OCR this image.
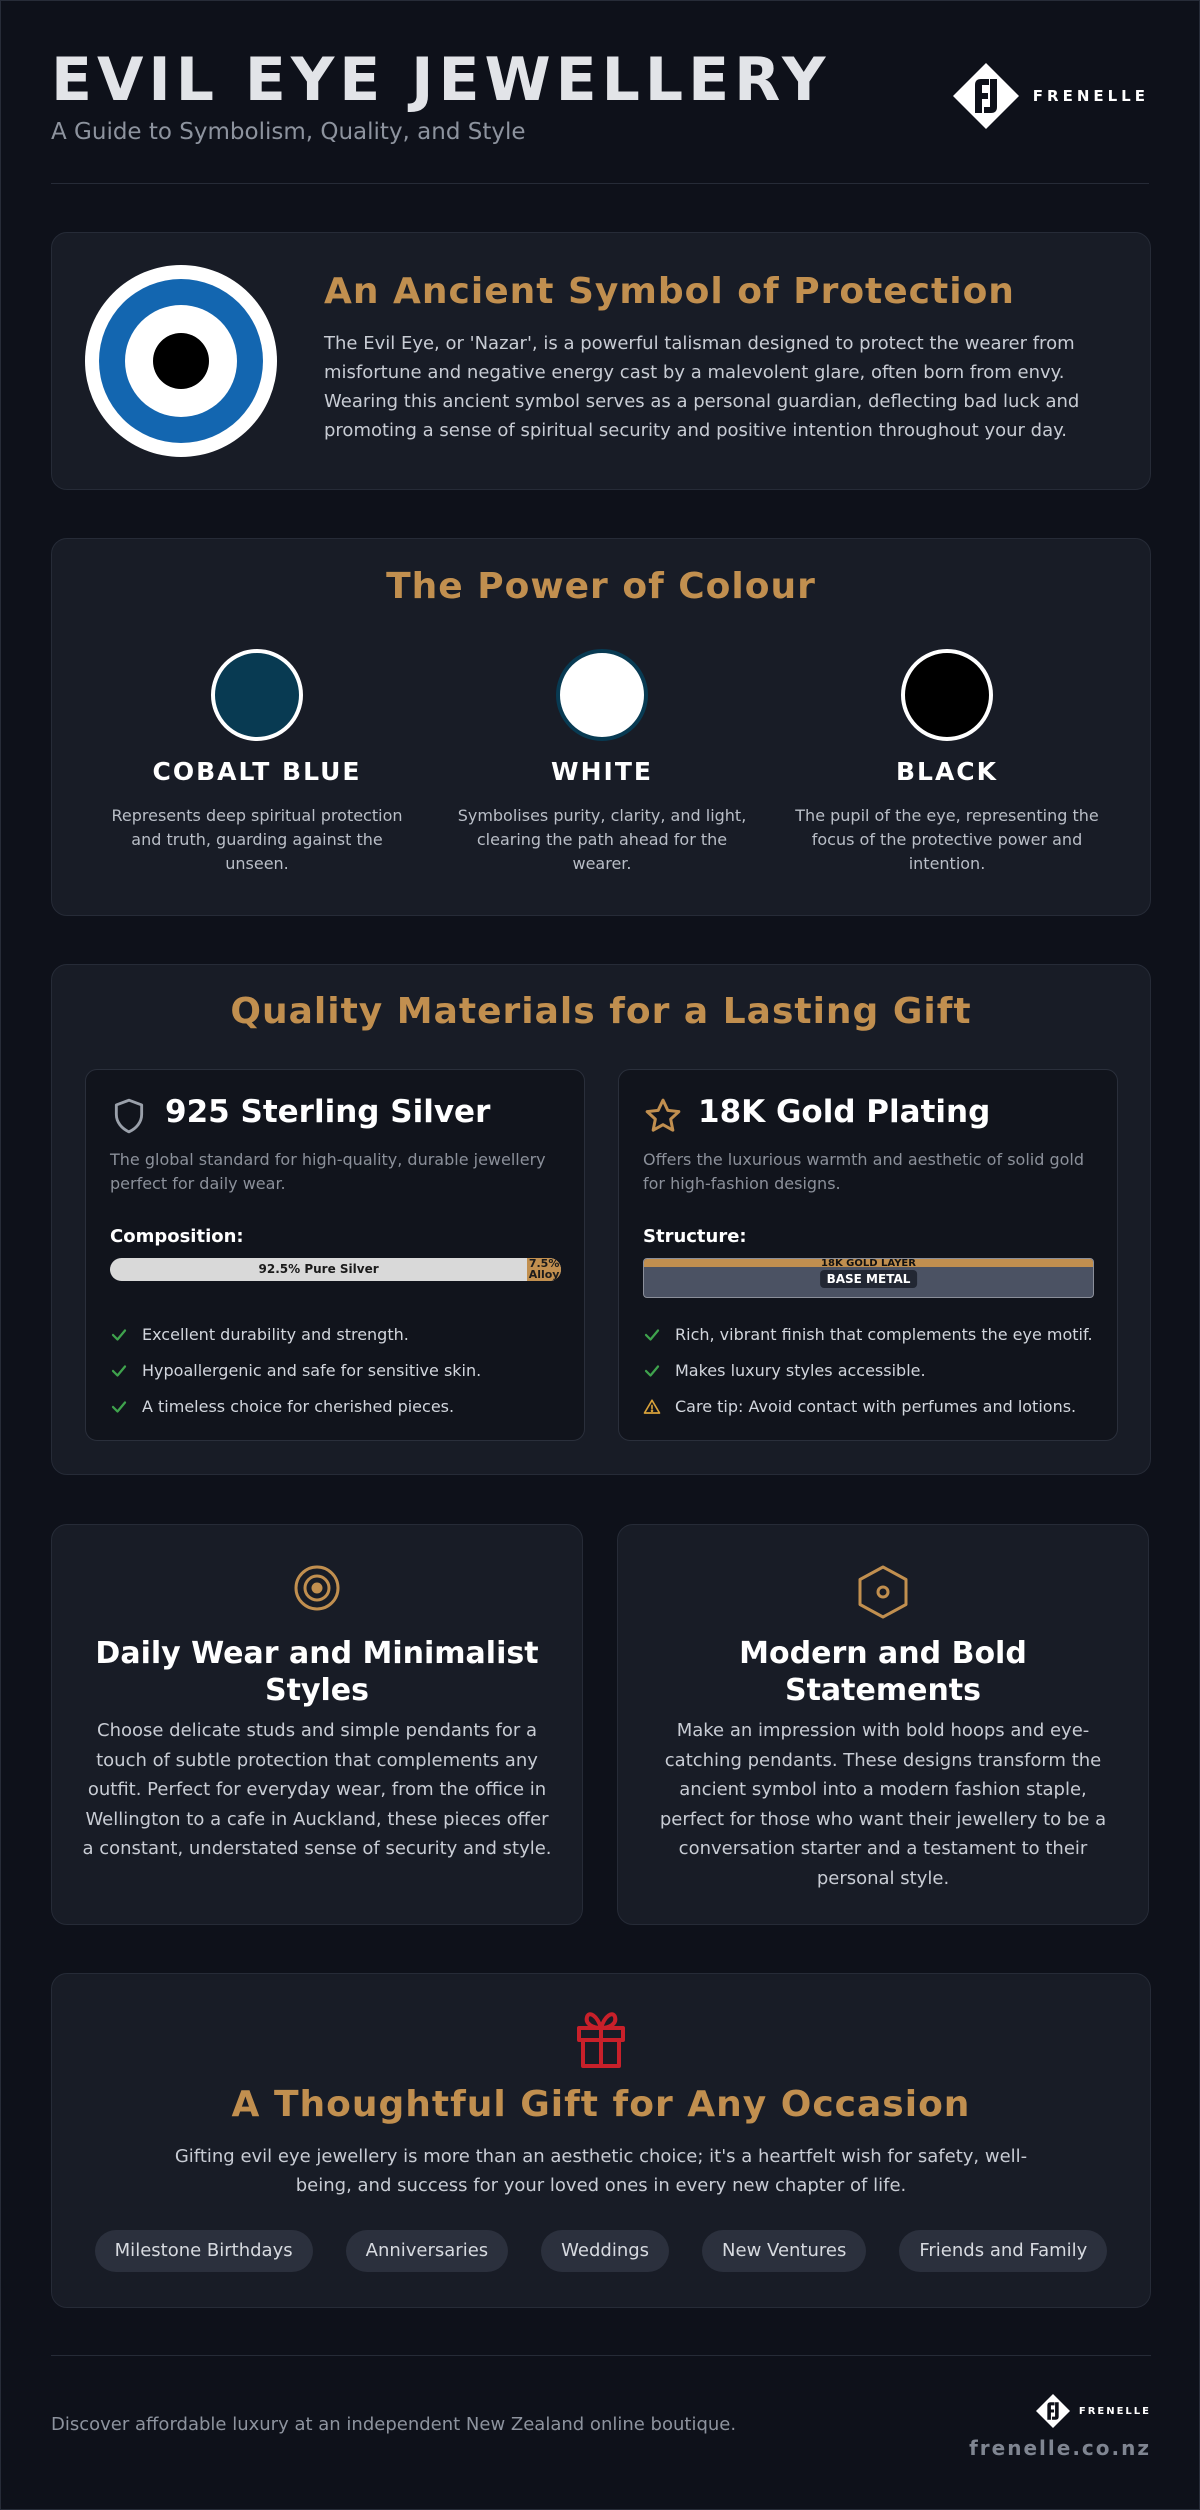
EVIL EYE JEWELLERY
A Guide to Symbolism, Quality, and Style
FRENELLE
An Ancient Symbol of Protection

The Evil Eye, or 'Nazar', is a powerful talisman designed to protect the wearer from misfortune and negative energy cast by a malevolent glare, often born from envy. Wearing this ancient symbol serves as a personal guardian, deflecting bad luck and promoting a sense of spiritual security and positive intention throughout your day.

The Power of Colour
COBALT BLUE
Represents deep spiritual protection and truth, guarding against the unseen.
WHITE
Symbolises purity, clarity, and light, clearing the path ahead for the wearer.
BLACK
The pupil of the eye, representing the focus of the protective power and intention.
Quality Materials for a Lasting Gift
925 Sterling Silver

The global standard for high-quality, durable jewellery perfect for daily wear.

Composition:
92.5% Pure Silver	7.5% Alloy
Excellent durability and strength.
Hypoallergenic and safe for sensitive skin.
A timeless choice for cherished pieces.
18K Gold Plating

Offers the luxurious warmth and aesthetic of solid gold for high-fashion designs.

Structure:
18K GOLD LAYER
BASE METAL
Rich, vibrant finish that complements the eye motif.
Makes luxury styles accessible.
Care tip: Avoid contact with perfumes and lotions.
Daily Wear and Minimalist Styles

Choose delicate studs and simple pendants for a touch of subtle protection that complements any outfit. Perfect for everyday wear, from the office in Wellington to a cafe in Auckland, these pieces offer a constant, understated sense of security and style.

Modern and Bold Statements

Make an impression with bold hoops and eye-catching pendants. These designs transform the ancient symbol into a modern fashion staple, perfect for those who want their jewellery to be a conversation starter and a testament to their personal style.

A Thoughtful Gift for Any Occasion

Gifting evil eye jewellery is more than an aesthetic choice; it's a heartfelt wish for safety, well-being, and success for your loved ones in every new chapter of life.

Milestone Birthdays	Anniversaries	Weddings	New Ventures	Friends and Family
Discover affordable luxury at an independent New Zealand online boutique.
FRENELLE
frenelle.co.nz
